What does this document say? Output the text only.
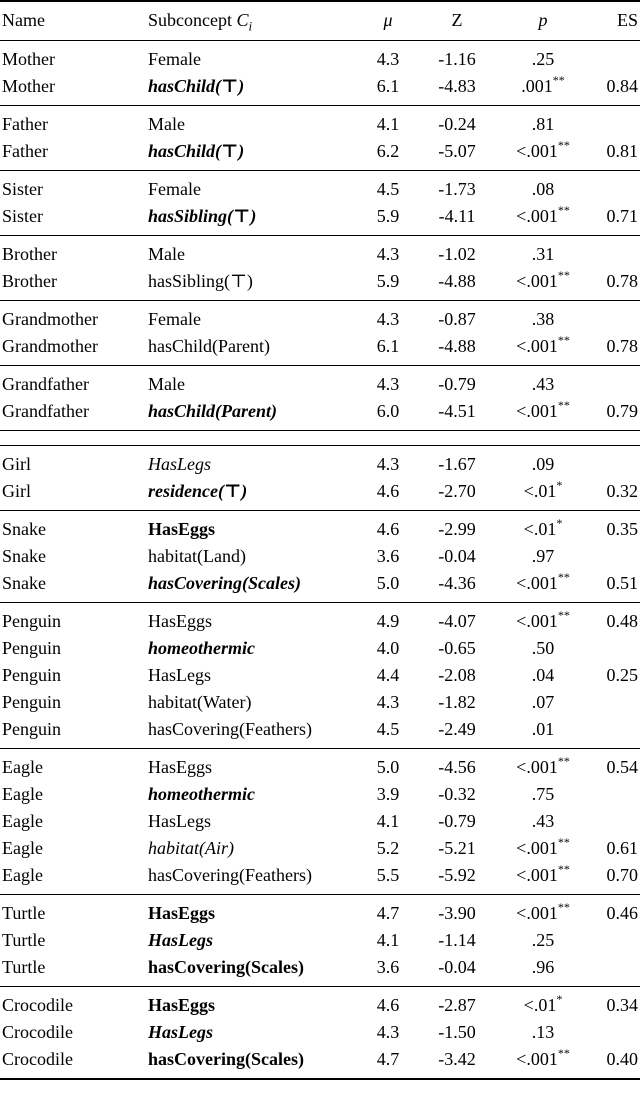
Name	Subconcept $C_i$	μ	Z	p	ES
Mother	Female	4.3	-1.16	.25	
Mother	hasChild(⊤)	6.1	-4.83	.001**	0.84
Father	Male	4.1	-0.24	.81	
Father	hasChild(⊤)	6.2	-5.07	<.001**	0.81
Sister	Female	4.5	-1.73	.08	
Sister	hasSibling(⊤)	5.9	-4.11	<.001**	0.71
Brother	Male	4.3	-1.02	.31	
Brother	hasSibling(⊤)	5.9	-4.88	<.001**	0.78
Grandmother	Female	4.3	-0.87	.38	
Grandmother	hasChild(Parent)	6.1	-4.88	<.001**	0.78
Grandfather	Male	4.3	-0.79	.43	
Grandfather	hasChild(Parent)	6.0	-4.51	<.001**	0.79

Girl	HasLegs	4.3	-1.67	.09	
Girl	residence(⊤)	4.6	-2.70	<.01*	0.32
Snake	HasEggs	4.6	-2.99	<.01*	0.35
Snake	habitat(Land)	3.6	-0.04	.97	
Snake	hasCovering(Scales)	5.0	-4.36	<.001**	0.51
Penguin	HasEggs	4.9	-4.07	<.001**	0.48
Penguin	homeothermic	4.0	-0.65	.50	
Penguin	HasLegs	4.4	-2.08	.04	0.25
Penguin	habitat(Water)	4.3	-1.82	.07	
Penguin	hasCovering(Feathers)	4.5	-2.49	.01	
Eagle	HasEggs	5.0	-4.56	<.001**	0.54
Eagle	homeothermic	3.9	-0.32	.75	
Eagle	HasLegs	4.1	-0.79	.43	
Eagle	habitat(Air)	5.2	-5.21	<.001**	0.61
Eagle	hasCovering(Feathers)	5.5	-5.92	<.001**	0.70
Turtle	HasEggs	4.7	-3.90	<.001**	0.46
Turtle	HasLegs	4.1	-1.14	.25	
Turtle	hasCovering(Scales)	3.6	-0.04	.96	
Crocodile	HasEggs	4.6	-2.87	<.01*	0.34
Crocodile	HasLegs	4.3	-1.50	.13	
Crocodile	hasCovering(Scales)	4.7	-3.42	<.001**	0.40
